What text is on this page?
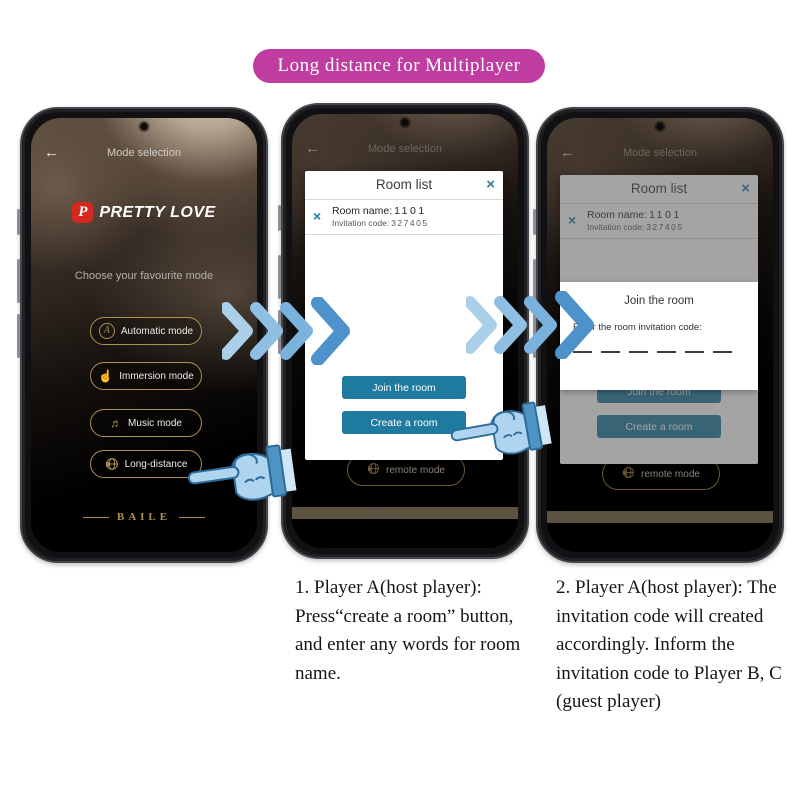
Long distance for Multiplayer
←	Mode selection
P PRETTY LOVE
Choose your favourite mode
A	Automatic mode
☝ Immersion mode
♬ Music mode
Long-distance
BAILE
←	Mode selection
remote mode
BAILE
Room list	×
× Room name: 1101
Invitation code: 327405
Join the room
Create a room
←	Mode selection
remote mode
BAILE
Join the room
Enter the room invitation code:
1. Player A(host player): Press“create a room” button, and enter any words for room name.
2. Player A(host player): The invitation code will created accordingly. Inform the invitation code to Player B, C (guest player)
